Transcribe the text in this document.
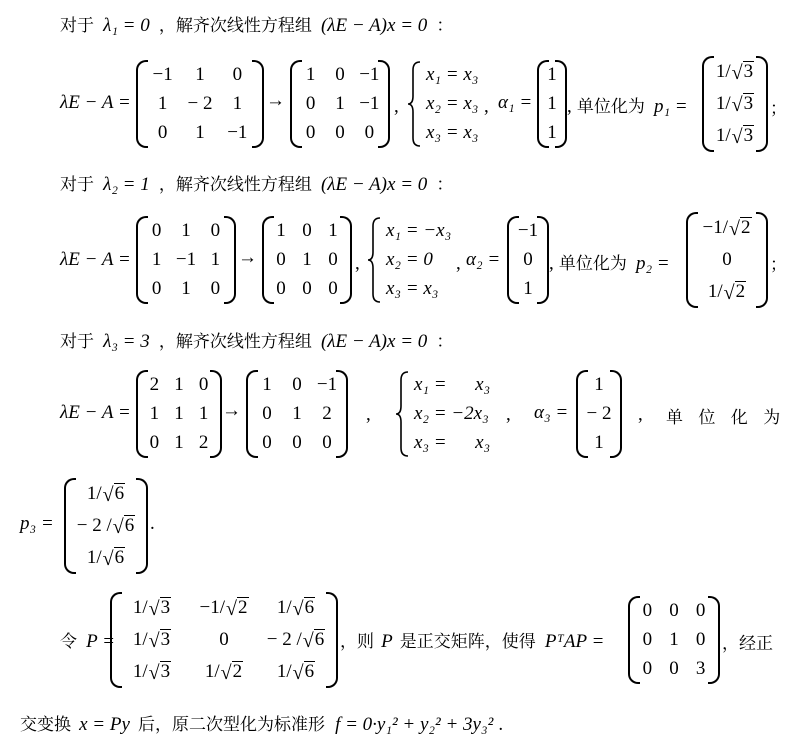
对于 λ₁ = 0 ，解齐次线性方程组 (λE − A)x = 0 ：
λE − A =
−1 1 0
1 − 2 1
0 1 −1
→
1 0 −1
0 1 −1
0 0 0
,
x₁ = x₃
x₂ = x₃
x₃ = x₃
, α₁ =
1
1
1
, 单位化为 p₁ =
1/ √ 3
1/ √ 3
1/ √ 3
；
对于 λ₂ = 1 ，解齐次线性方程组 (λE − A)x = 0 ：
λE − A =
0 1 0
1 −1 1
0 1 0
→
1 0 1
0 1 0
0 0 0
,
x₁ = −x₃
x₂ = 0
x₃ = x₃
, α₂ =
−1
0
1
, 单位化为 p₂ =
−1/ √ 2
0
1/ √ 2
；
对于 λ₃ = 3 ，解齐次线性方程组 (λE − A)x = 0 ：
λE − A =
2 1 0
1 1 1
0 1 2
→
1 0 −1
0 1 2
0 0 0
,
x₁ =      x₃
x₂ = −2x₃
x₃ =      x₃
, α₃ =
1
− 2
1
, 单 位 化 为
p₃ =
1/ √ 6
− 2 / √ 6
1/ √ 6
.
令 P =
1/ √ 3 −1/ √ 2 1/ √ 6
1/ √ 3	0 − 2 / √ 6
1/ √ 3 1/ √ 2 1/ √ 6
，则 P 是正交矩阵，使得 PᵀAP =
0 0 0
0 1 0
0 0 3
，经正
交变换 x = Py 后，原二次型化为标准形 f = 0·y₁² + y₂² + 3y₃² .
